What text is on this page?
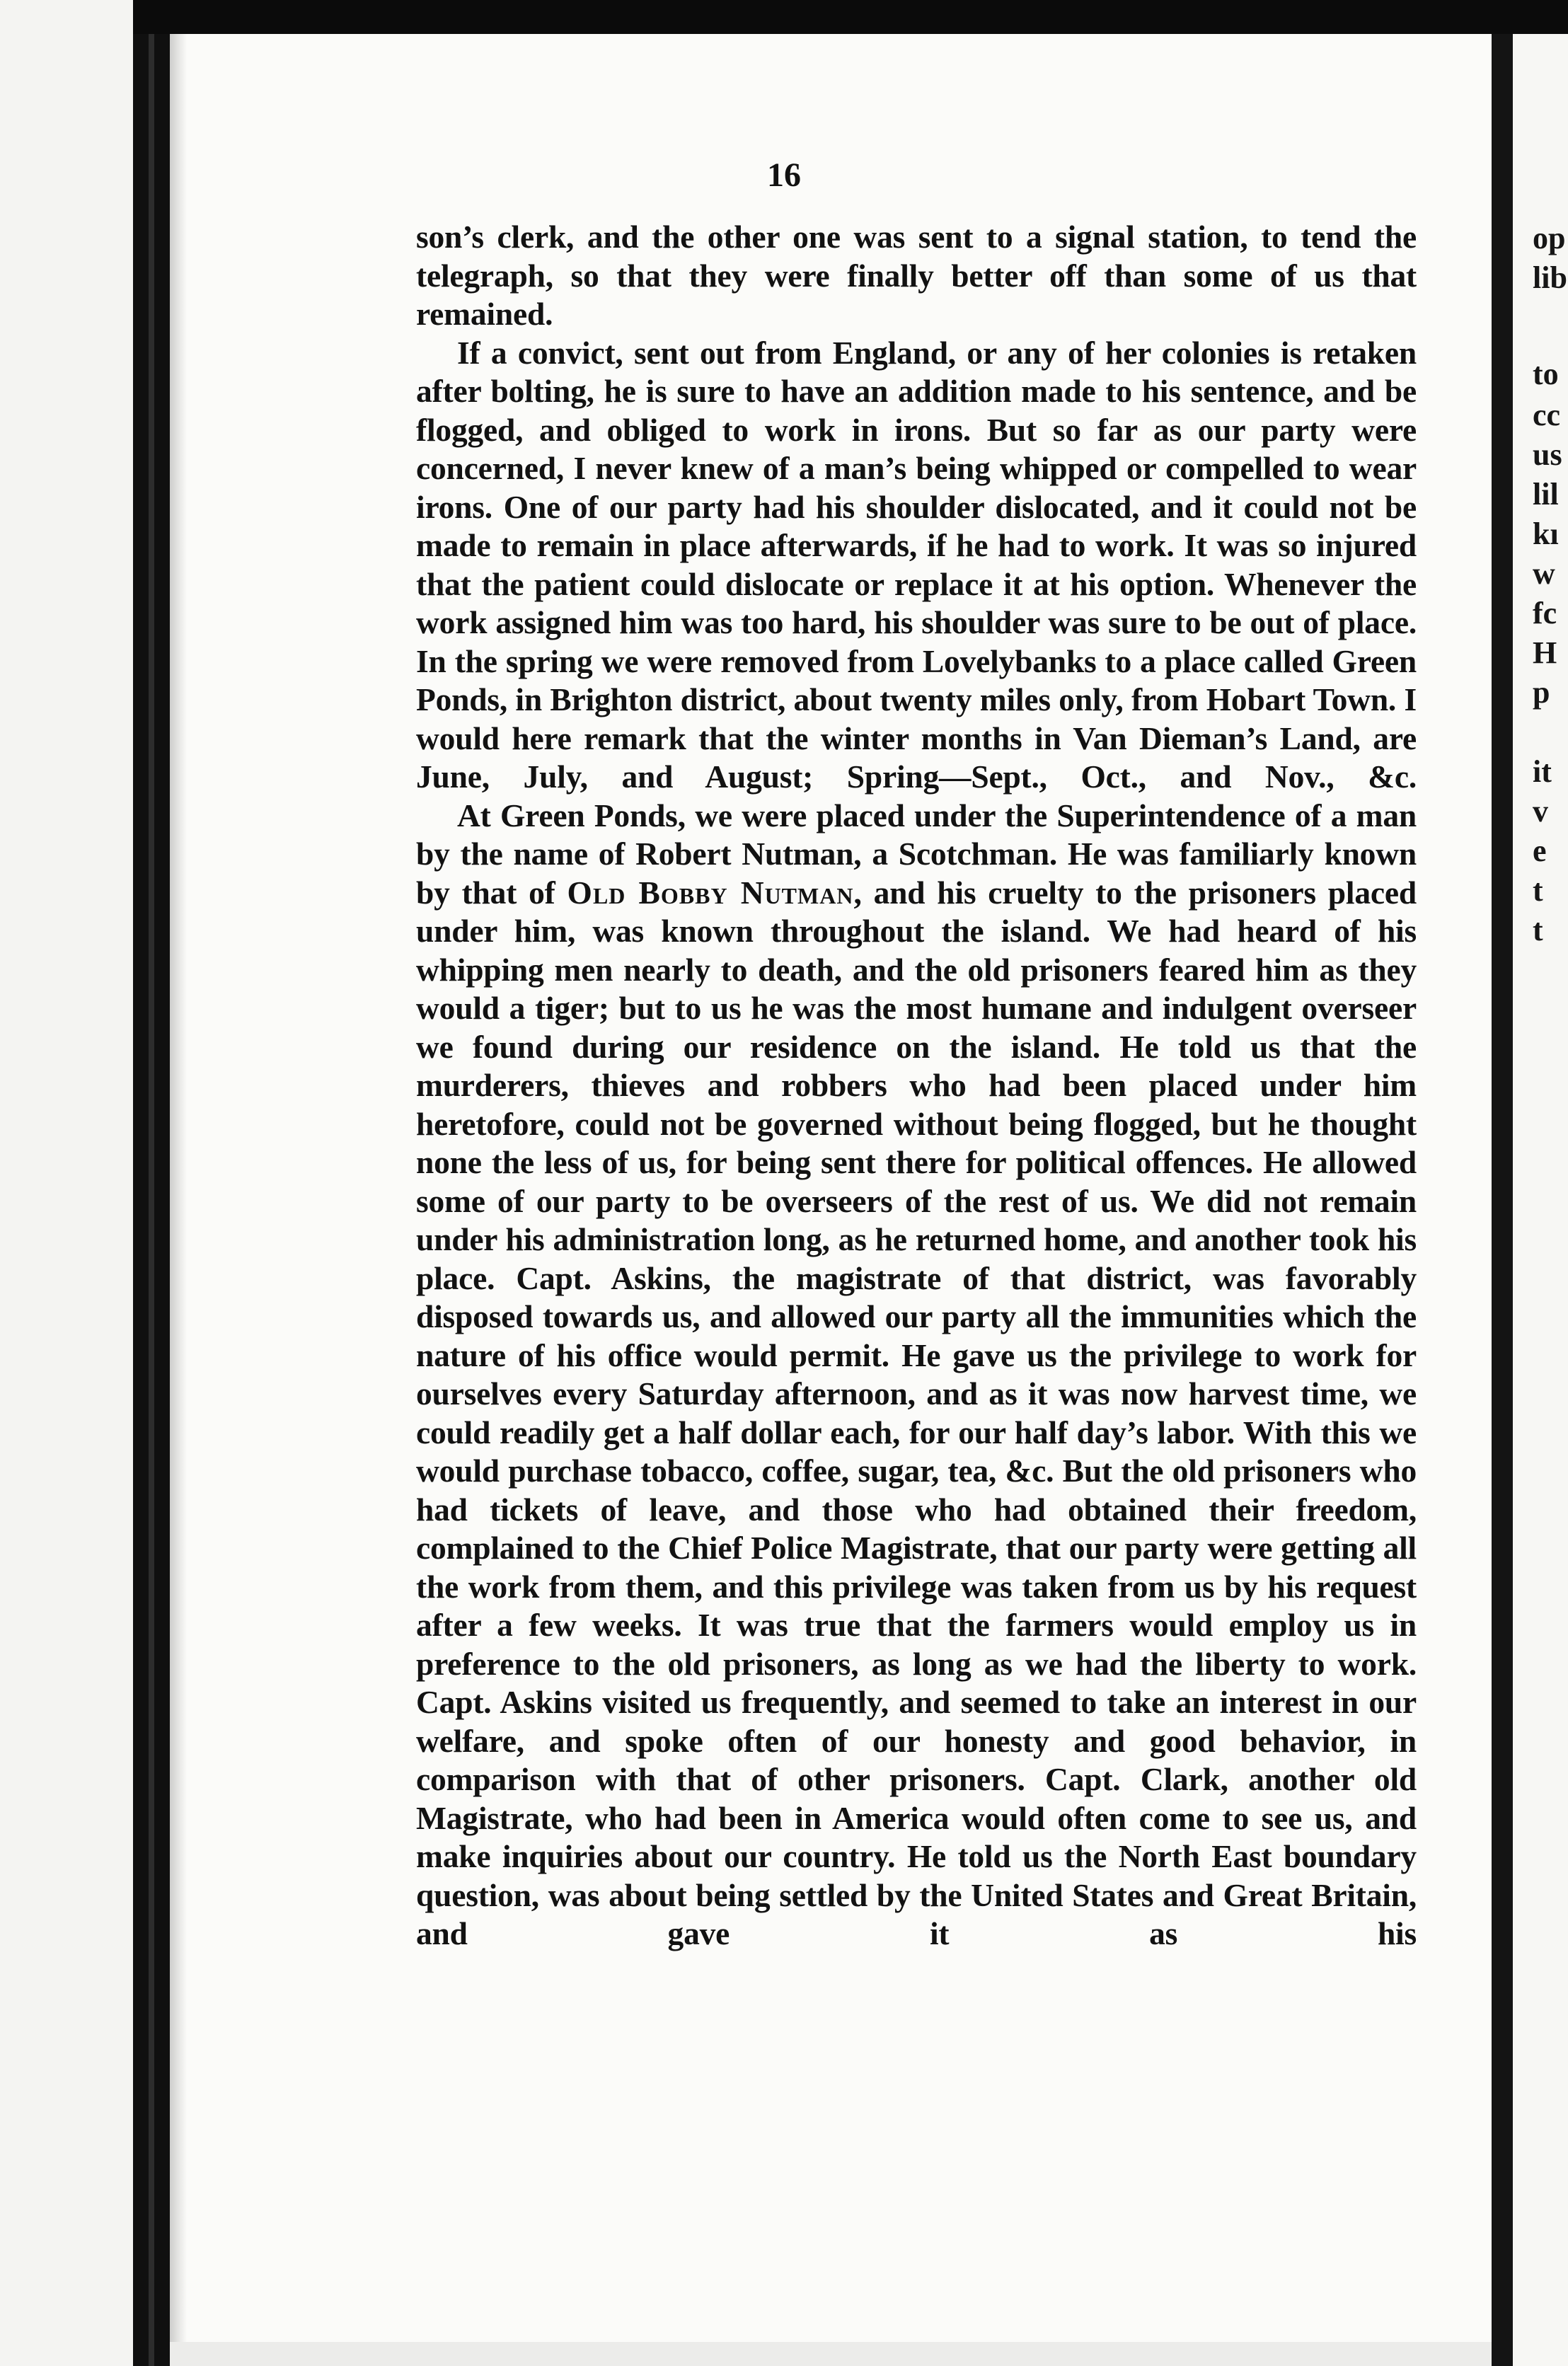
op
lib
to
cc
us
lil
kı
w
fc
H
p
it
v
e
t
t
16

son’s clerk, and the other one was sent to a signal station, to tend the telegraph, so that they were finally better off than some of us that remained.

If a convict, sent out from England, or any of her colonies is retaken after bolting, he is sure to have an addition made to his sentence, and be flogged, and obliged to work in irons. But so far as our party were concerned, I never knew of a man’s being whipped or compelled to wear irons. One of our party had his shoulder dislocated, and it could not be made to remain in place afterwards, if he had to work. It was so injured that the patient could dislocate or replace it at his option. Whenever the work assigned him was too hard, his shoulder was sure to be out of place. In the spring we were removed from Lovelybanks to a place called Green Ponds, in Brighton district, about twenty miles only, from Hobart Town. I would here remark that the winter months in Van Dieman’s Land, are June, July, and August; Spring—Sept., Oct., and Nov., &c.

At Green Ponds, we were placed under the Superintendence of a man by the name of Robert Nutman, a Scotchman. He was familiarly known by that of Old Bobby Nutman, and his cruelty to the prisoners placed under him, was known throughout the island. We had heard of his whipping men nearly to death, and the old prisoners feared him as they would a tiger; but to us he was the most humane and indulgent overseer we found during our residence on the island. He told us that the murderers, thieves and robbers who had been placed under him heretofore, could not be governed without being flogged, but he thought none the less of us, for being sent there for political offences. He allowed some of our party to be overseers of the rest of us. We did not remain under his administration long, as he returned home, and another took his place. Capt. Askins, the magistrate of that district, was favorably disposed towards us, and allowed our party all the immunities which the nature of his office would permit. He gave us the privilege to work for ourselves every Saturday afternoon, and as it was now harvest time, we could readily get a half dollar each, for our half day’s labor. With this we would purchase tobacco, coffee, sugar, tea, &c. But the old prisoners who had tickets of leave, and those who had obtained their freedom, complained to the Chief Police Magistrate, that our party were getting all the work from them, and this privilege was taken from us by his request after a few weeks. It was true that the farmers would employ us in preference to the old prisoners, as long as we had the liberty to work. Capt. Askins visited us frequently, and seemed to take an interest in our welfare, and spoke often of our honesty and good behavior, in comparison with that of other prisoners. Capt. Clark, another old Magistrate, who had been in America would often come to see us, and make inquiries about our country. He told us the North East boundary question, was about being settled by the United States and Great Britain, and gave it as his
